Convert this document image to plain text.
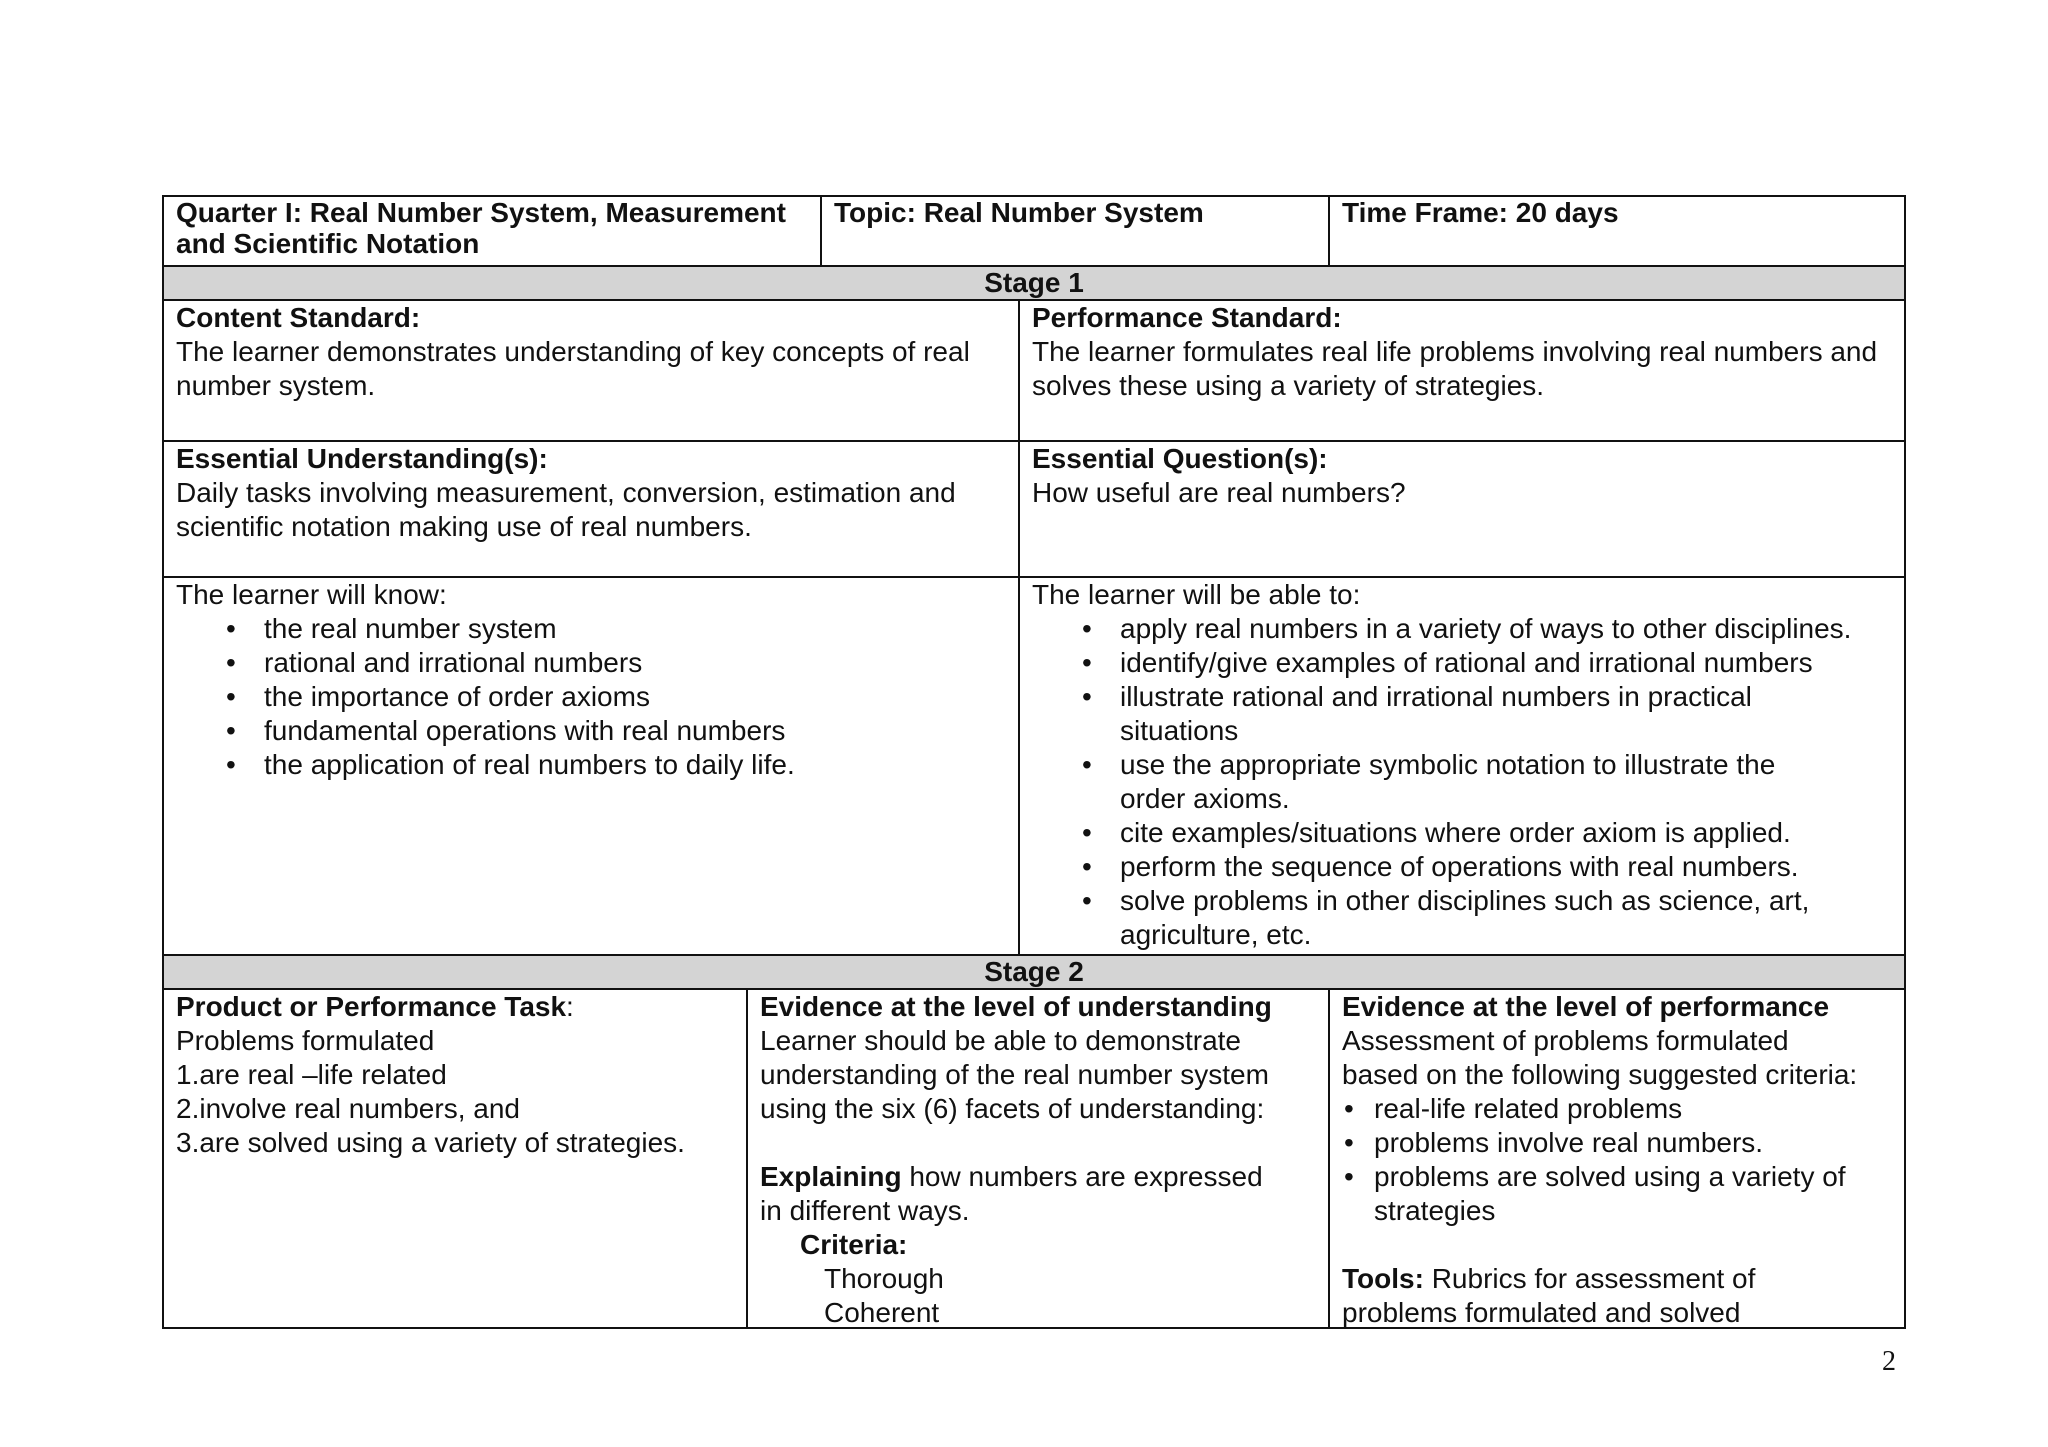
Quarter I: Real Number System, Measurement and Scientific Notation
Topic: Real Number System	Time Frame: 20 days
Stage 1
Content Standard:
The learner demonstrates understanding of key concepts of real number system.
Performance Standard:
The learner formulates real life problems involving real numbers and solves these using a variety of strategies.
Essential Understanding(s):
Daily tasks involving measurement, conversion, estimation and scientific notation making use of real numbers.
Essential Question(s):
How useful are real numbers?
The learner will know:
• the real number system
• rational and irrational numbers
• the importance of order axioms
• fundamental operations with real numbers
• the application of real numbers to daily life.
The learner will be able to:
• apply real numbers in a variety of ways to other disciplines.
• identify/give examples of rational and irrational numbers
• illustrate rational and irrational numbers in practical situations
• use the appropriate symbolic notation to illustrate the order axioms.
• cite examples/situations where order axiom is applied.
• perform the sequence of operations with real numbers.
• solve problems in other disciplines such as science, art, agriculture, etc.
Stage 2
Product or Performance Task:
Problems formulated
1.are real –life related
2.involve real numbers, and
3.are solved using a variety of strategies.
Evidence at the level of understanding
Learner should be able to demonstrate
understanding of the real number system
using the six (6) facets of understanding:
Explaining how numbers are expressed
in different ways.
Criteria:
Thorough
Coherent
Evidence at the level of performance
Assessment of problems formulated
based on the following suggested criteria:
• real-life related problems
• problems involve real numbers.
• problems are solved using a variety of strategies
Tools: Rubrics for assessment of problems formulated and solved
2
